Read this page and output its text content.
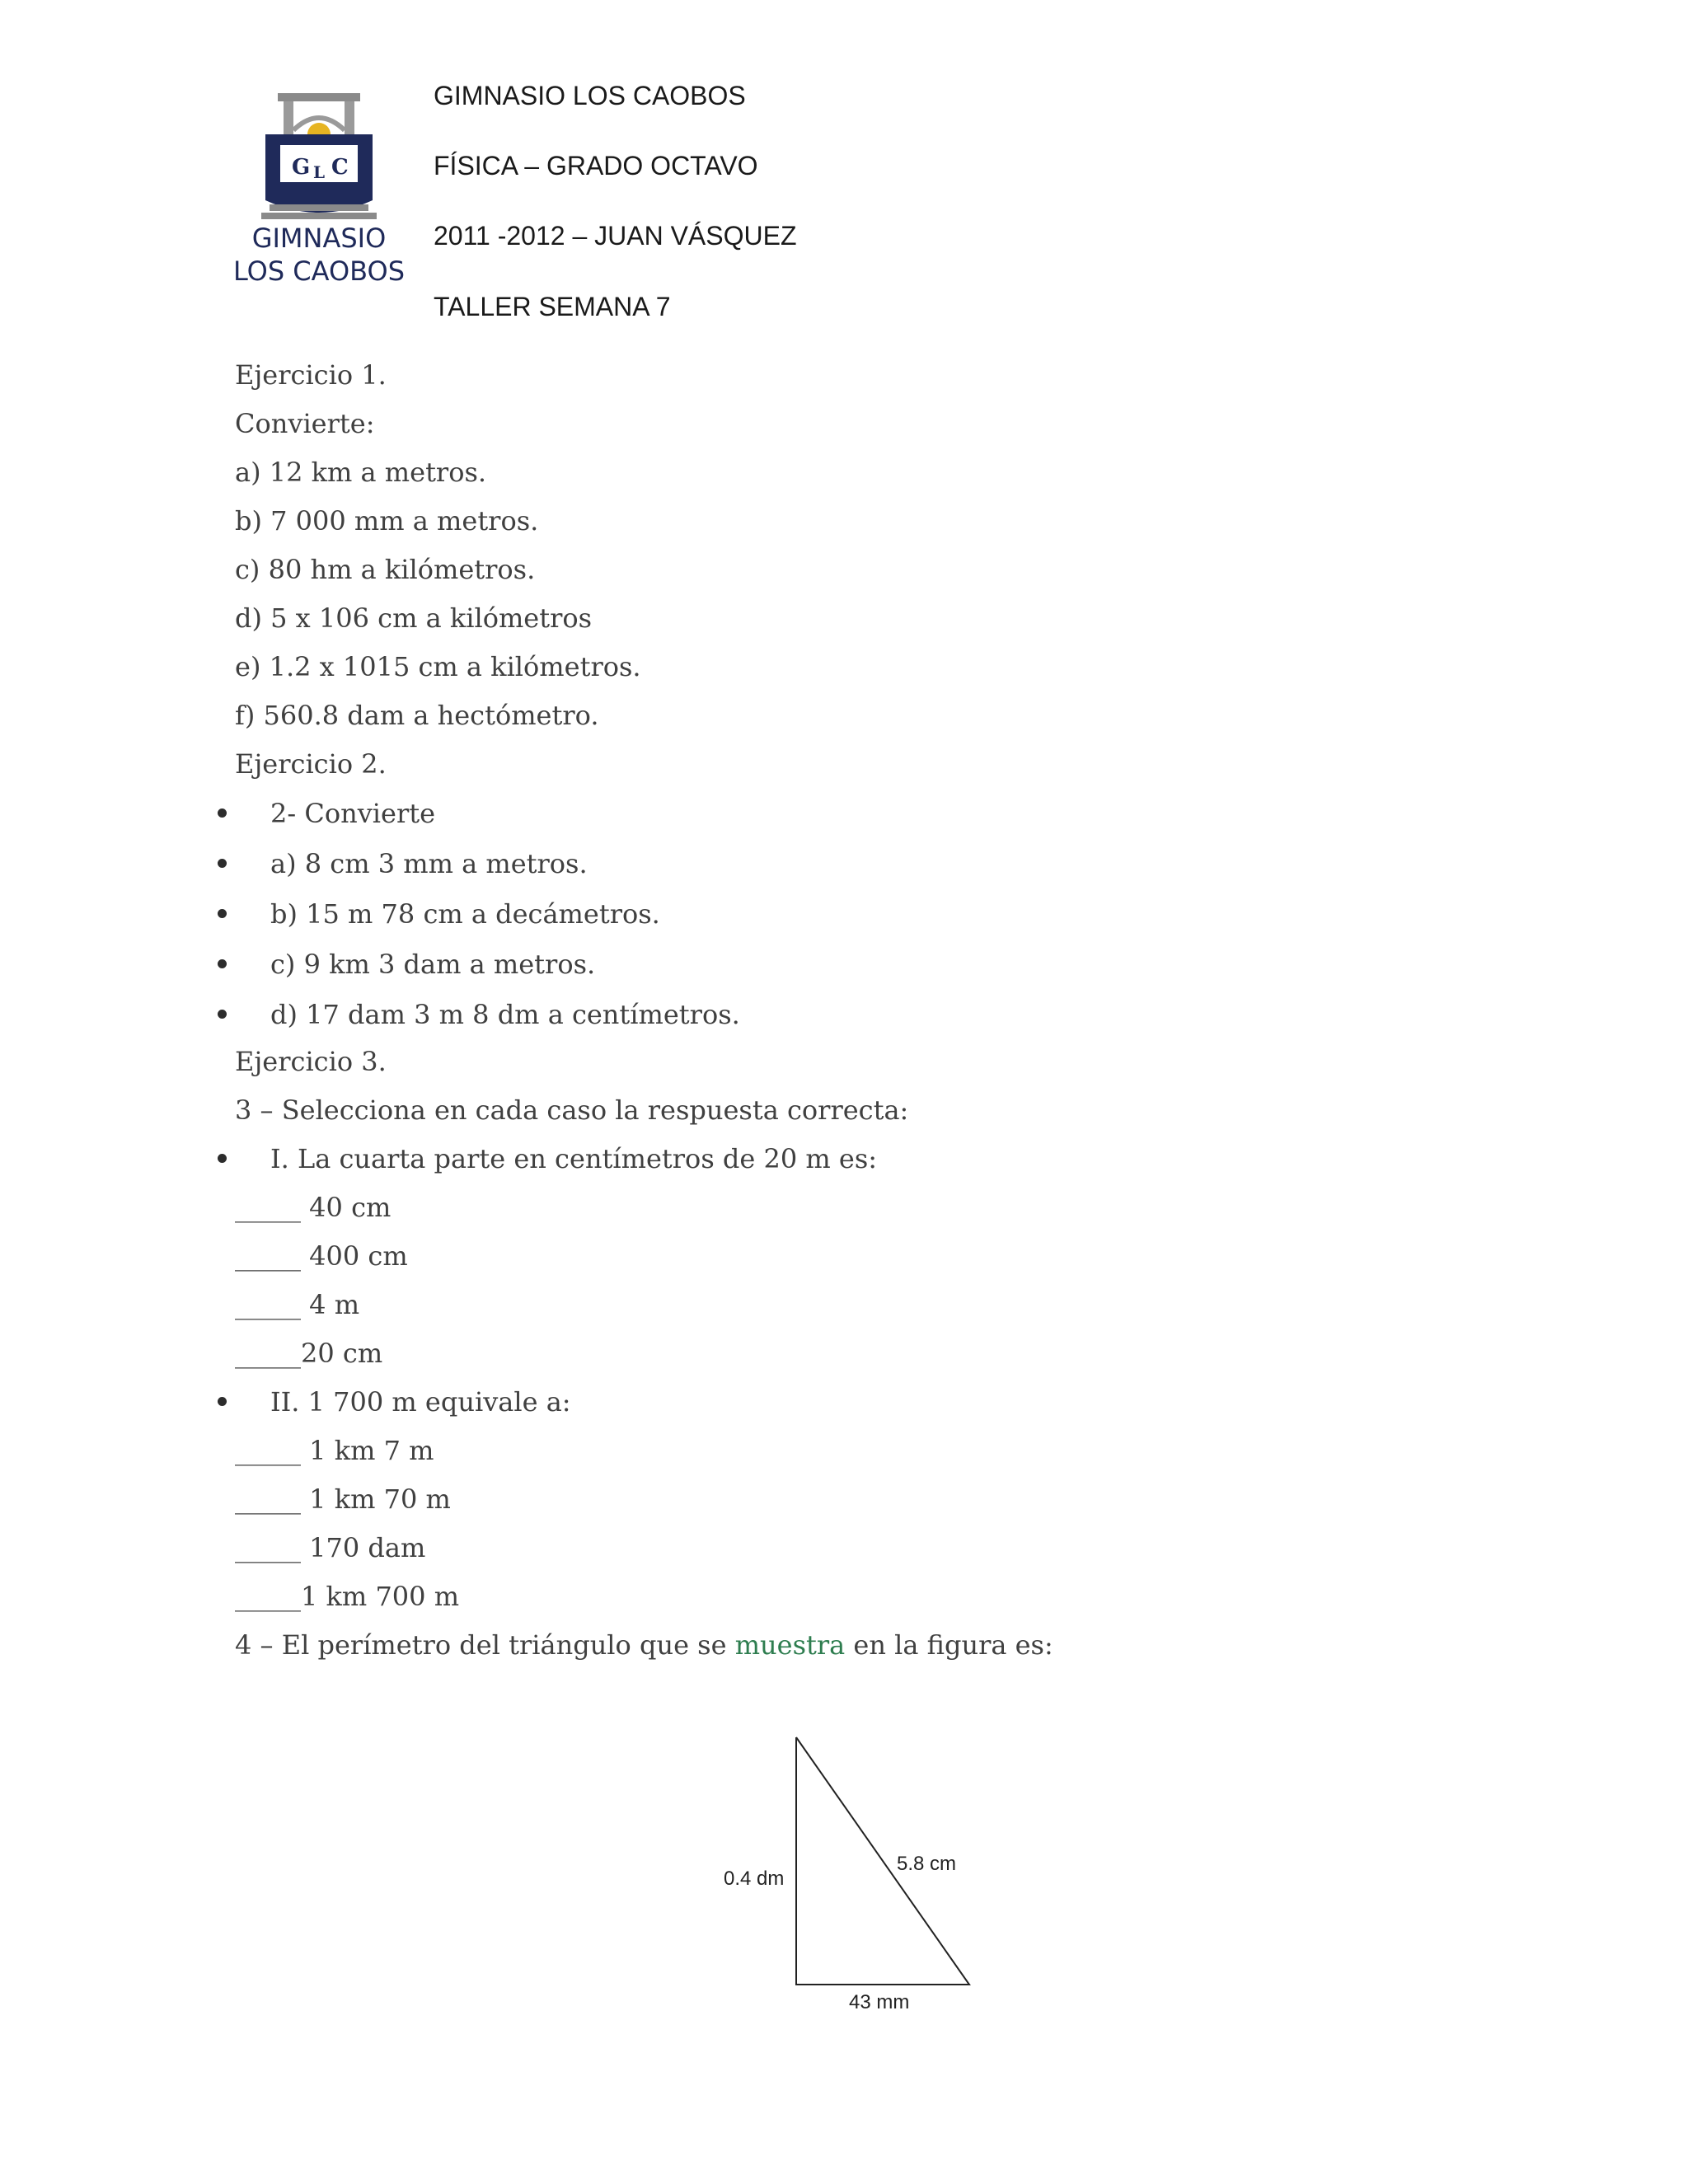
G L C
GIMNASIO
LOS CAOBOS
GIMNASIO LOS CAOBOS
FÍSICA – GRADO OCTAVO
2011 -2012 – JUAN VÁSQUEZ
TALLER SEMANA 7
Ejercicio 1.
Convierte:
a) 12 km a metros.
b) 7 000 mm a metros.
c) 80 hm a kilómetros.
d) 5 x 106 cm a kilómetros
e) 1.2 x 1015 cm a kilómetros.
f) 560.8 dam a hectómetro.
Ejercicio 2.
2- Convierte
a) 8 cm 3 mm a metros.
b) 15 m 78 cm a decámetros.
c) 9 km 3 dam a metros.
d) 17 dam 3 m 8 dm a centímetros.
Ejercicio 3.
3 – Selecciona en cada caso la respuesta correcta:
I. La cuarta parte en centímetros de 20 m es:
_____ 40 cm
_____ 400 cm
_____ 4 m
_____20 cm
II. 1 700 m equivale a:
_____ 1 km 7 m
_____ 1 km 70 m
_____ 170 dam
_____1 km 700 m
4 – El perímetro del triángulo que se muestra en la figura es:
0.4 dm
5.8 cm
43 mm
